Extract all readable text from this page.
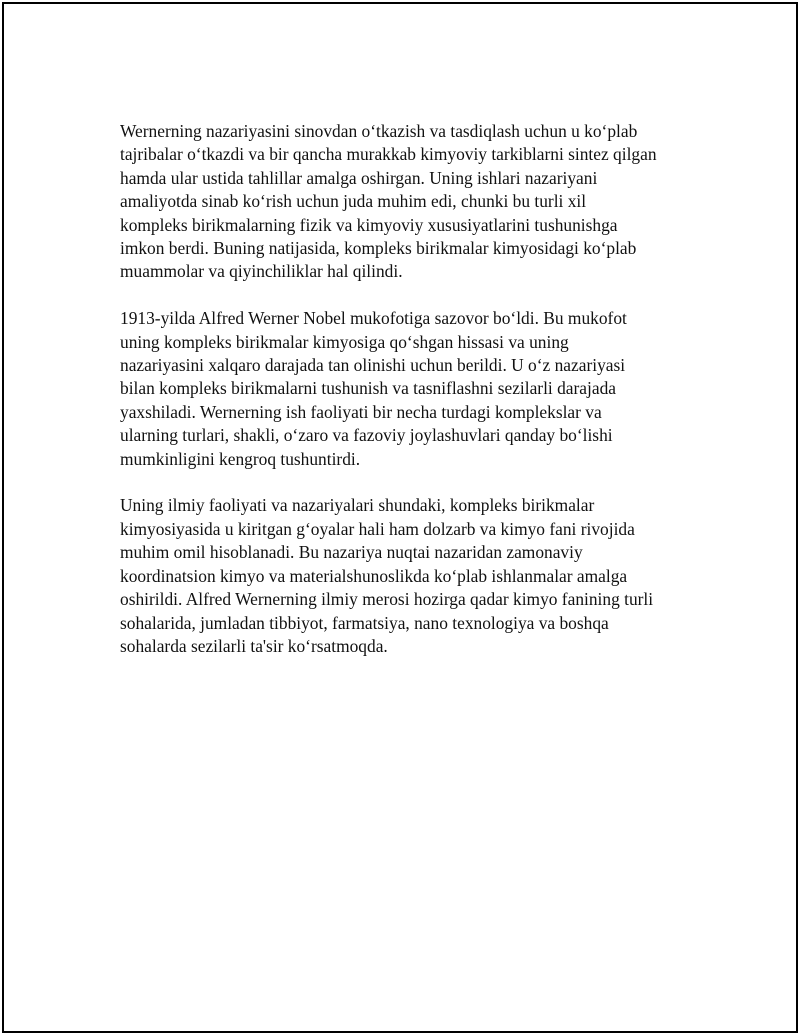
Wernerning nazariyasini sinovdan o‘tkazish va tasdiqlash uchun u ko‘plab
tajribalar o‘tkazdi va bir qancha murakkab kimyoviy tarkiblarni sintez qilgan
hamda ular ustida tahlillar amalga oshirgan. Uning ishlari nazariyani
amaliyotda sinab ko‘rish uchun juda muhim edi, chunki bu turli xil
kompleks birikmalarning fizik va kimyoviy xususiyatlarini tushunishga
imkon berdi. Buning natijasida, kompleks birikmalar kimyosidagi ko‘plab
muammolar va qiyinchiliklar hal qilindi.

1913-yilda Alfred Werner Nobel mukofotiga sazovor bo‘ldi. Bu mukofot
uning kompleks birikmalar kimyosiga qo‘shgan hissasi va uning
nazariyasini xalqaro darajada tan olinishi uchun berildi. U o‘z nazariyasi
bilan kompleks birikmalarni tushunish va tasniflashni sezilarli darajada
yaxshiladi. Wernerning ish faoliyati bir necha turdagi komplekslar va
ularning turlari, shakli, o‘zaro va fazoviy joylashuvlari qanday bo‘lishi
mumkinligini kengroq tushuntirdi.

Uning ilmiy faoliyati va nazariyalari shundaki, kompleks birikmalar
kimyosiyasida u kiritgan g‘oyalar hali ham dolzarb va kimyo fani rivojida
muhim omil hisoblanadi. Bu nazariya nuqtai nazaridan zamonaviy
koordinatsion kimyo va materialshunoslikda ko‘plab ishlanmalar amalga
oshirildi. Alfred Wernerning ilmiy merosi hozirga qadar kimyo fanining turli
sohalarida, jumladan tibbiyot, farmatsiya, nano texnologiya va boshqa
sohalarda sezilarli ta'sir ko‘rsatmoqda.
